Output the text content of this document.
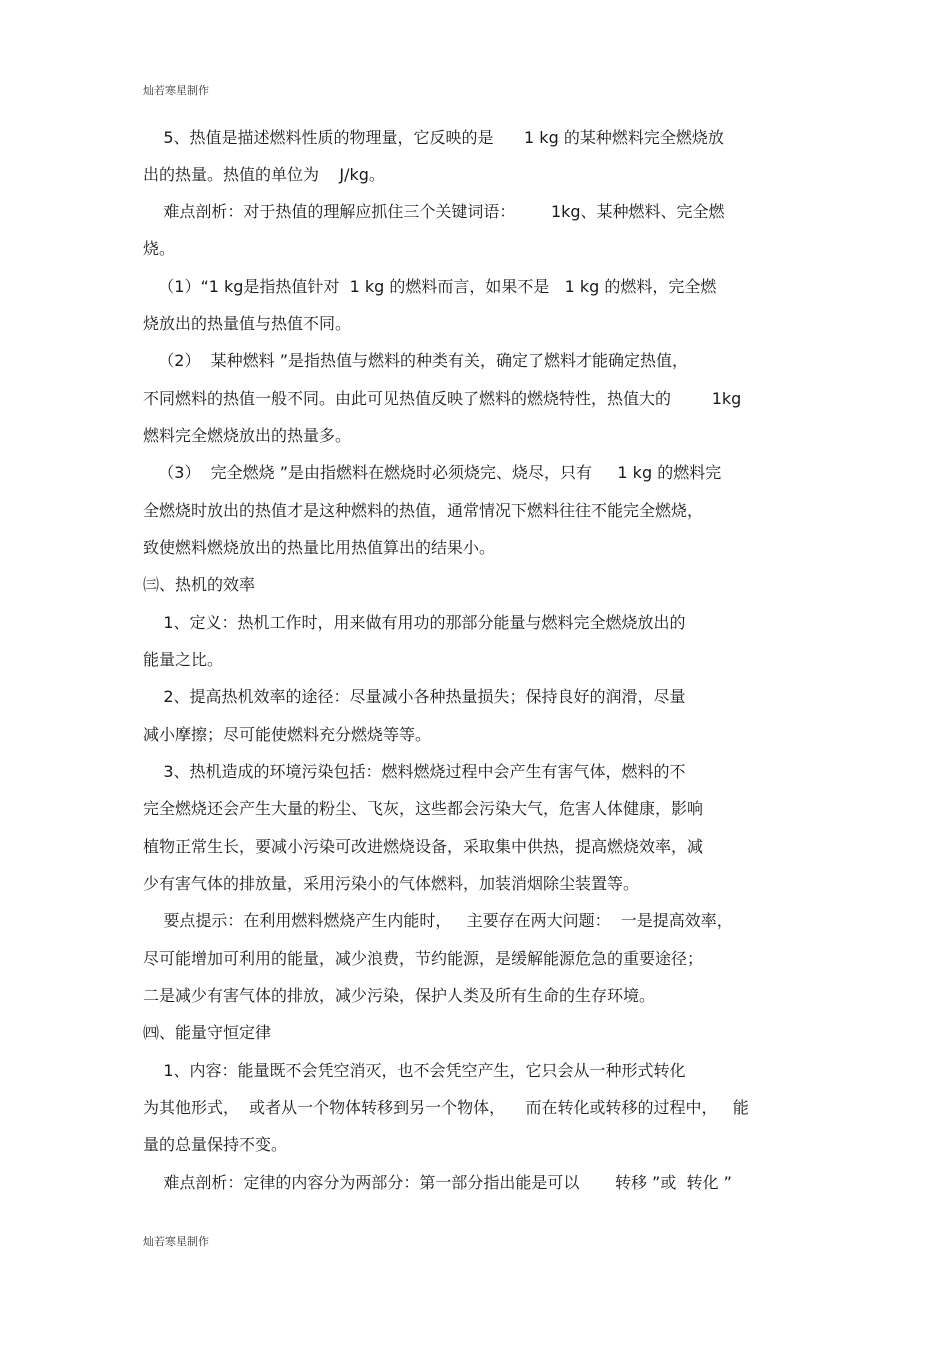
灿若寒星制作
5、热值是描述燃料性质的物理量，它反映的是      1 kg 的某种燃料完全燃烧放
出的热量。热值的单位为    J/kg。
难点剖析：对于热值的理解应抓住三个关键词语：       1kg、某种燃料、完全燃
烧。
（1）“1 kg是指热值针对  1 kg 的燃料而言，如果不是   1 kg 的燃料，完全燃
烧放出的热量值与热值不同。
（2）  某种燃料 ”是指热值与燃料的种类有关，确定了燃料才能确定热值，
不同燃料的热值一般不同。由此可见热值反映了燃料的燃烧特性，热值大的        1kg
燃料完全燃烧放出的热量多。
（3）  完全燃烧 ”是由指燃料在燃烧时必须烧完、烧尽，只有     1 kg 的燃料完
全燃烧时放出的热值才是这种燃料的热值，通常情况下燃料往往不能完全燃烧，
致使燃料燃烧放出的热量比用热值算出的结果小。
㈢、热机的效率
1、定义：热机工作时，用来做有用功的那部分能量与燃料完全燃烧放出的
能量之比。
2、提高热机效率的途径：尽量减小各种热量损失；保持良好的润滑，尽量
减小摩擦；尽可能使燃料充分燃烧等等。
3、热机造成的环境污染包括：燃料燃烧过程中会产生有害气体，燃料的不
完全燃烧还会产生大量的粉尘、飞灰，这些都会污染大气，危害人体健康，影响
植物正常生长，要减小污染可改进燃烧设备，采取集中供热，提高燃烧效率，减
少有害气体的排放量，采用污染小的气体燃料，加装消烟除尘装置等。
要点提示：在利用燃料燃烧产生内能时，   主要存在两大问题：  一是提高效率，
尽可能增加可利用的能量，减少浪费，节约能源，是缓解能源危急的重要途径；
二是减少有害气体的排放，减少污染，保护人类及所有生命的生存环境。
㈣、能量守恒定律
1、内容：能量既不会凭空消灭，也不会凭空产生，它只会从一种形式转化
为其他形式，  或者从一个物体转移到另一个物体，    而在转化或转移的过程中，   能
量的总量保持不变。
难点剖析：定律的内容分为两部分：第一部分指出能是可以       转移 ”或  转化 ”
灿若寒星制作
